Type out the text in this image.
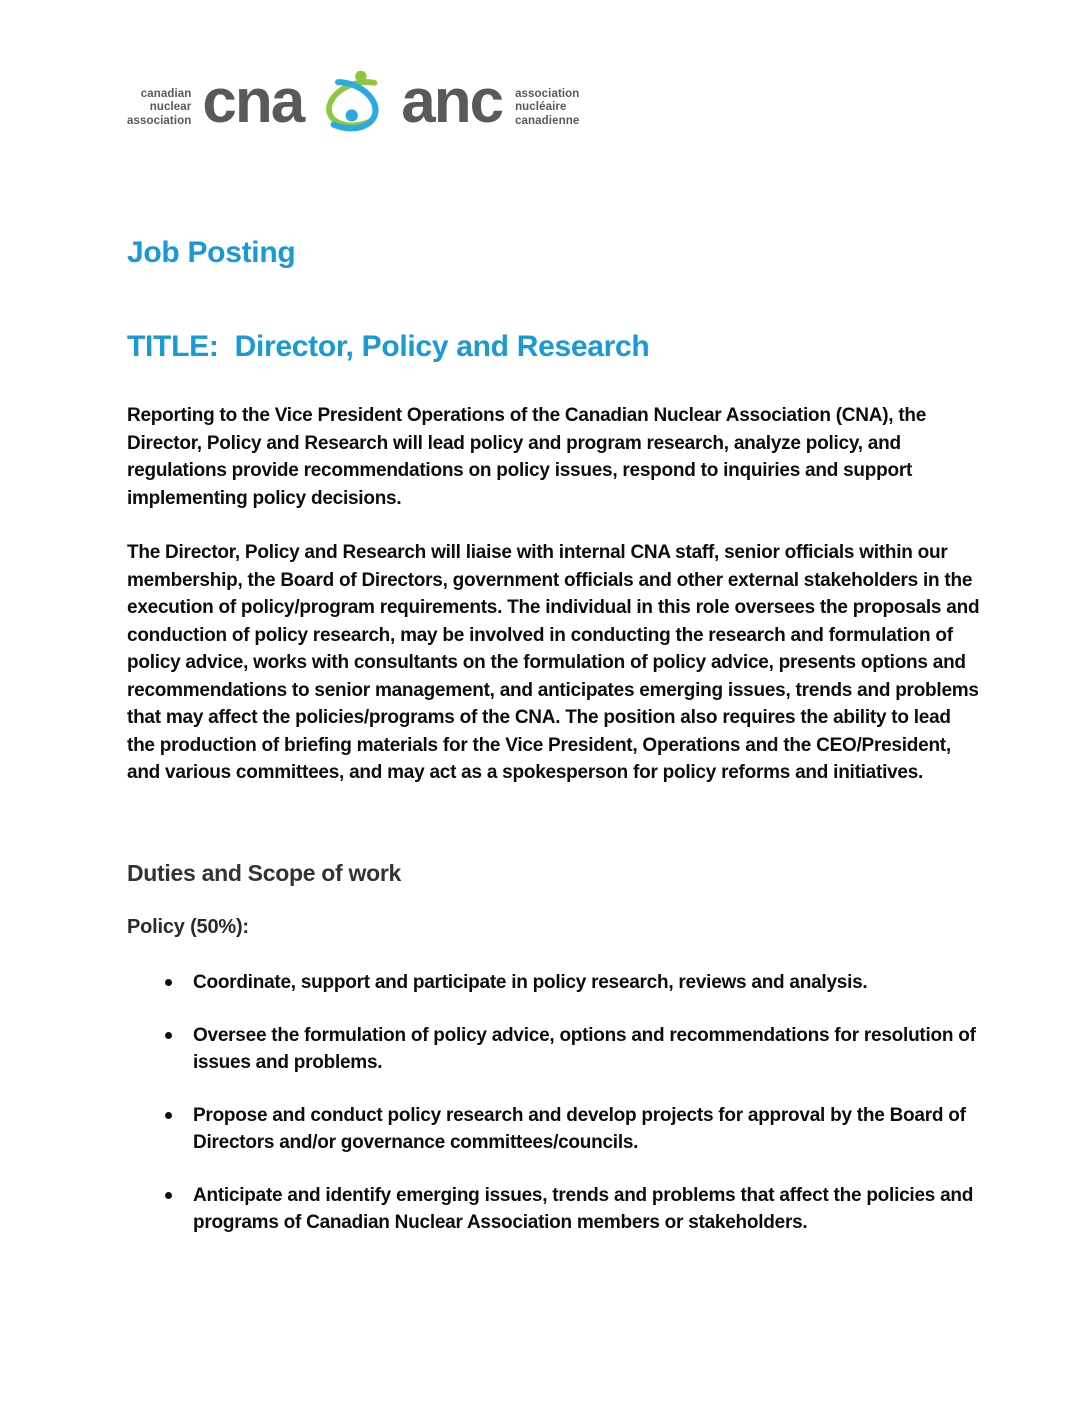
canadian
nuclear
association cna anc association
nucléaire
canadienne
Job Posting
TITLE:  Director, Policy and Research

Reporting to the Vice President Operations of the Canadian Nuclear Association (CNA), the Director, Policy and Research will lead policy and program research, analyze policy, and regulations provide recommendations on policy issues, respond to inquiries and support implementing policy decisions.

The Director, Policy and Research will liaise with internal CNA staff, senior officials within our membership, the Board of Directors, government officials and other external stakeholders in the execution of policy/program requirements. The individual in this role oversees the proposals and conduction of policy research, may be involved in conducting the research and formulation of policy advice, works with consultants on the formulation of policy advice, presents options and recommendations to senior management, and anticipates emerging issues, trends and problems that may affect the policies/programs of the CNA. The position also requires the ability to lead the production of briefing materials for the Vice President, Operations and the CEO/President, and various committees, and may act as a spokesperson for policy reforms and initiatives.

Duties and Scope of work

Policy (50%):

Coordinate, support and participate in policy research, reviews and analysis.
Oversee the formulation of policy advice, options and recommendations for resolution of issues and problems.
Propose and conduct policy research and develop projects for approval by the Board of Directors and/or governance committees/councils.
Anticipate and identify emerging issues, trends and problems that affect the policies and programs of Canadian Nuclear Association members or stakeholders.
